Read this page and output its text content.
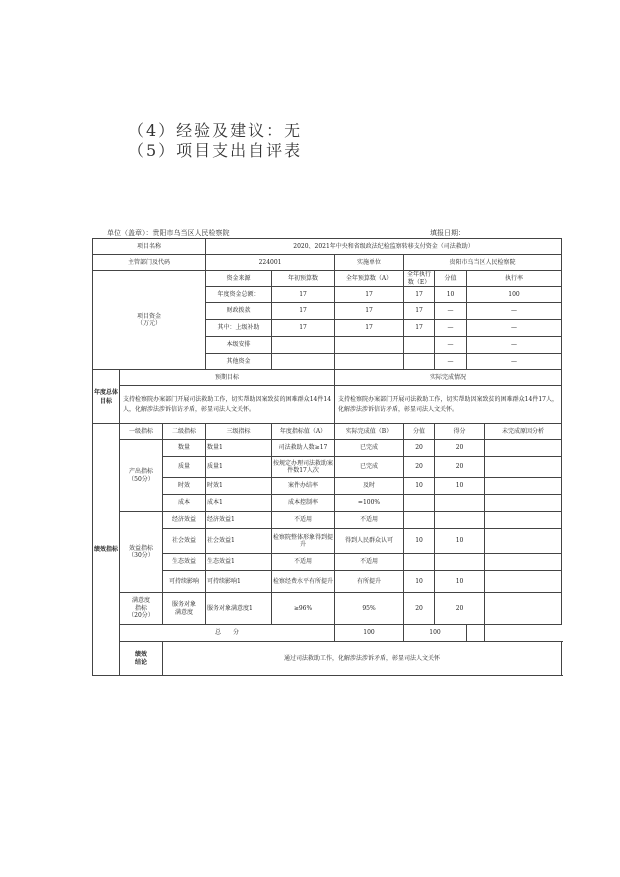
（4）经验及建议：无
（5）项目支出自评表
单位（盖章）：贵阳市乌当区人民检察院	填报日期：
项目名称			2020、2021年中央和省级政法纪检监察转移支付资金（司法救助）							
主管部门及代码			224001		实施单位	贵阳市乌当区人民检察院				
项目资金
（万元）			资金来源	年初预算数	全年预算数（A）	全年执行数（E）	分值	执行率	
			年度资金总额：	17	17	17	10	100	
			财政拨款	17	17	17	—	—	
			其中：上级补助	17	17	17	—	—	
			本级安排				—	—	
			其他资金				—	—	
年度总体目标	预期目标				实际完成情况					
	支持检察院办案部门开展司法救助工作，切实帮助因案致贫的困难群众14件14人，化解涉法涉诉信访矛盾，彰显司法人文关怀。				支持检察院办案部门开展司法救助工作，切实帮助因案致贫的困难群众14件17人，化解涉法涉诉信访矛盾，彰显司法人文关怀。					
绩效指标	一级指标	二级指标	三级指标	年度指标值（A）	实际完成值（B）	分值	得分		未完成原因分析	
	产出指标
（50分）	数量	数量1	司法救助人数≥17	已完成	20	20			
		质量	质量1	按规定办理司法救助案件数17人次	已完成	20	20			
		时效	时效1	案件办结率	及时	10	10			
		成本	成本1	成本控制率	=100%					
	效益指标
（30分）	经济效益	经济效益1	不适用	不适用					
		社会效益	社会效益1	检察院整体形象得到提升	得到人民群众认可	10	10			
		生态效益	生态效益1	不适用	不适用					
		可持续影响	可持续影响1	检察经费水平有所提升	有所提升	10	10			
	满意度
指标
（20分）	服务对象
满意度	服务对象满意度1	≥96%	95%	20	20			
	总　　分				100	100				
	绩效
结论	通过司法救助工作，化解涉法涉诉矛盾，彰显司法人文关怀								
